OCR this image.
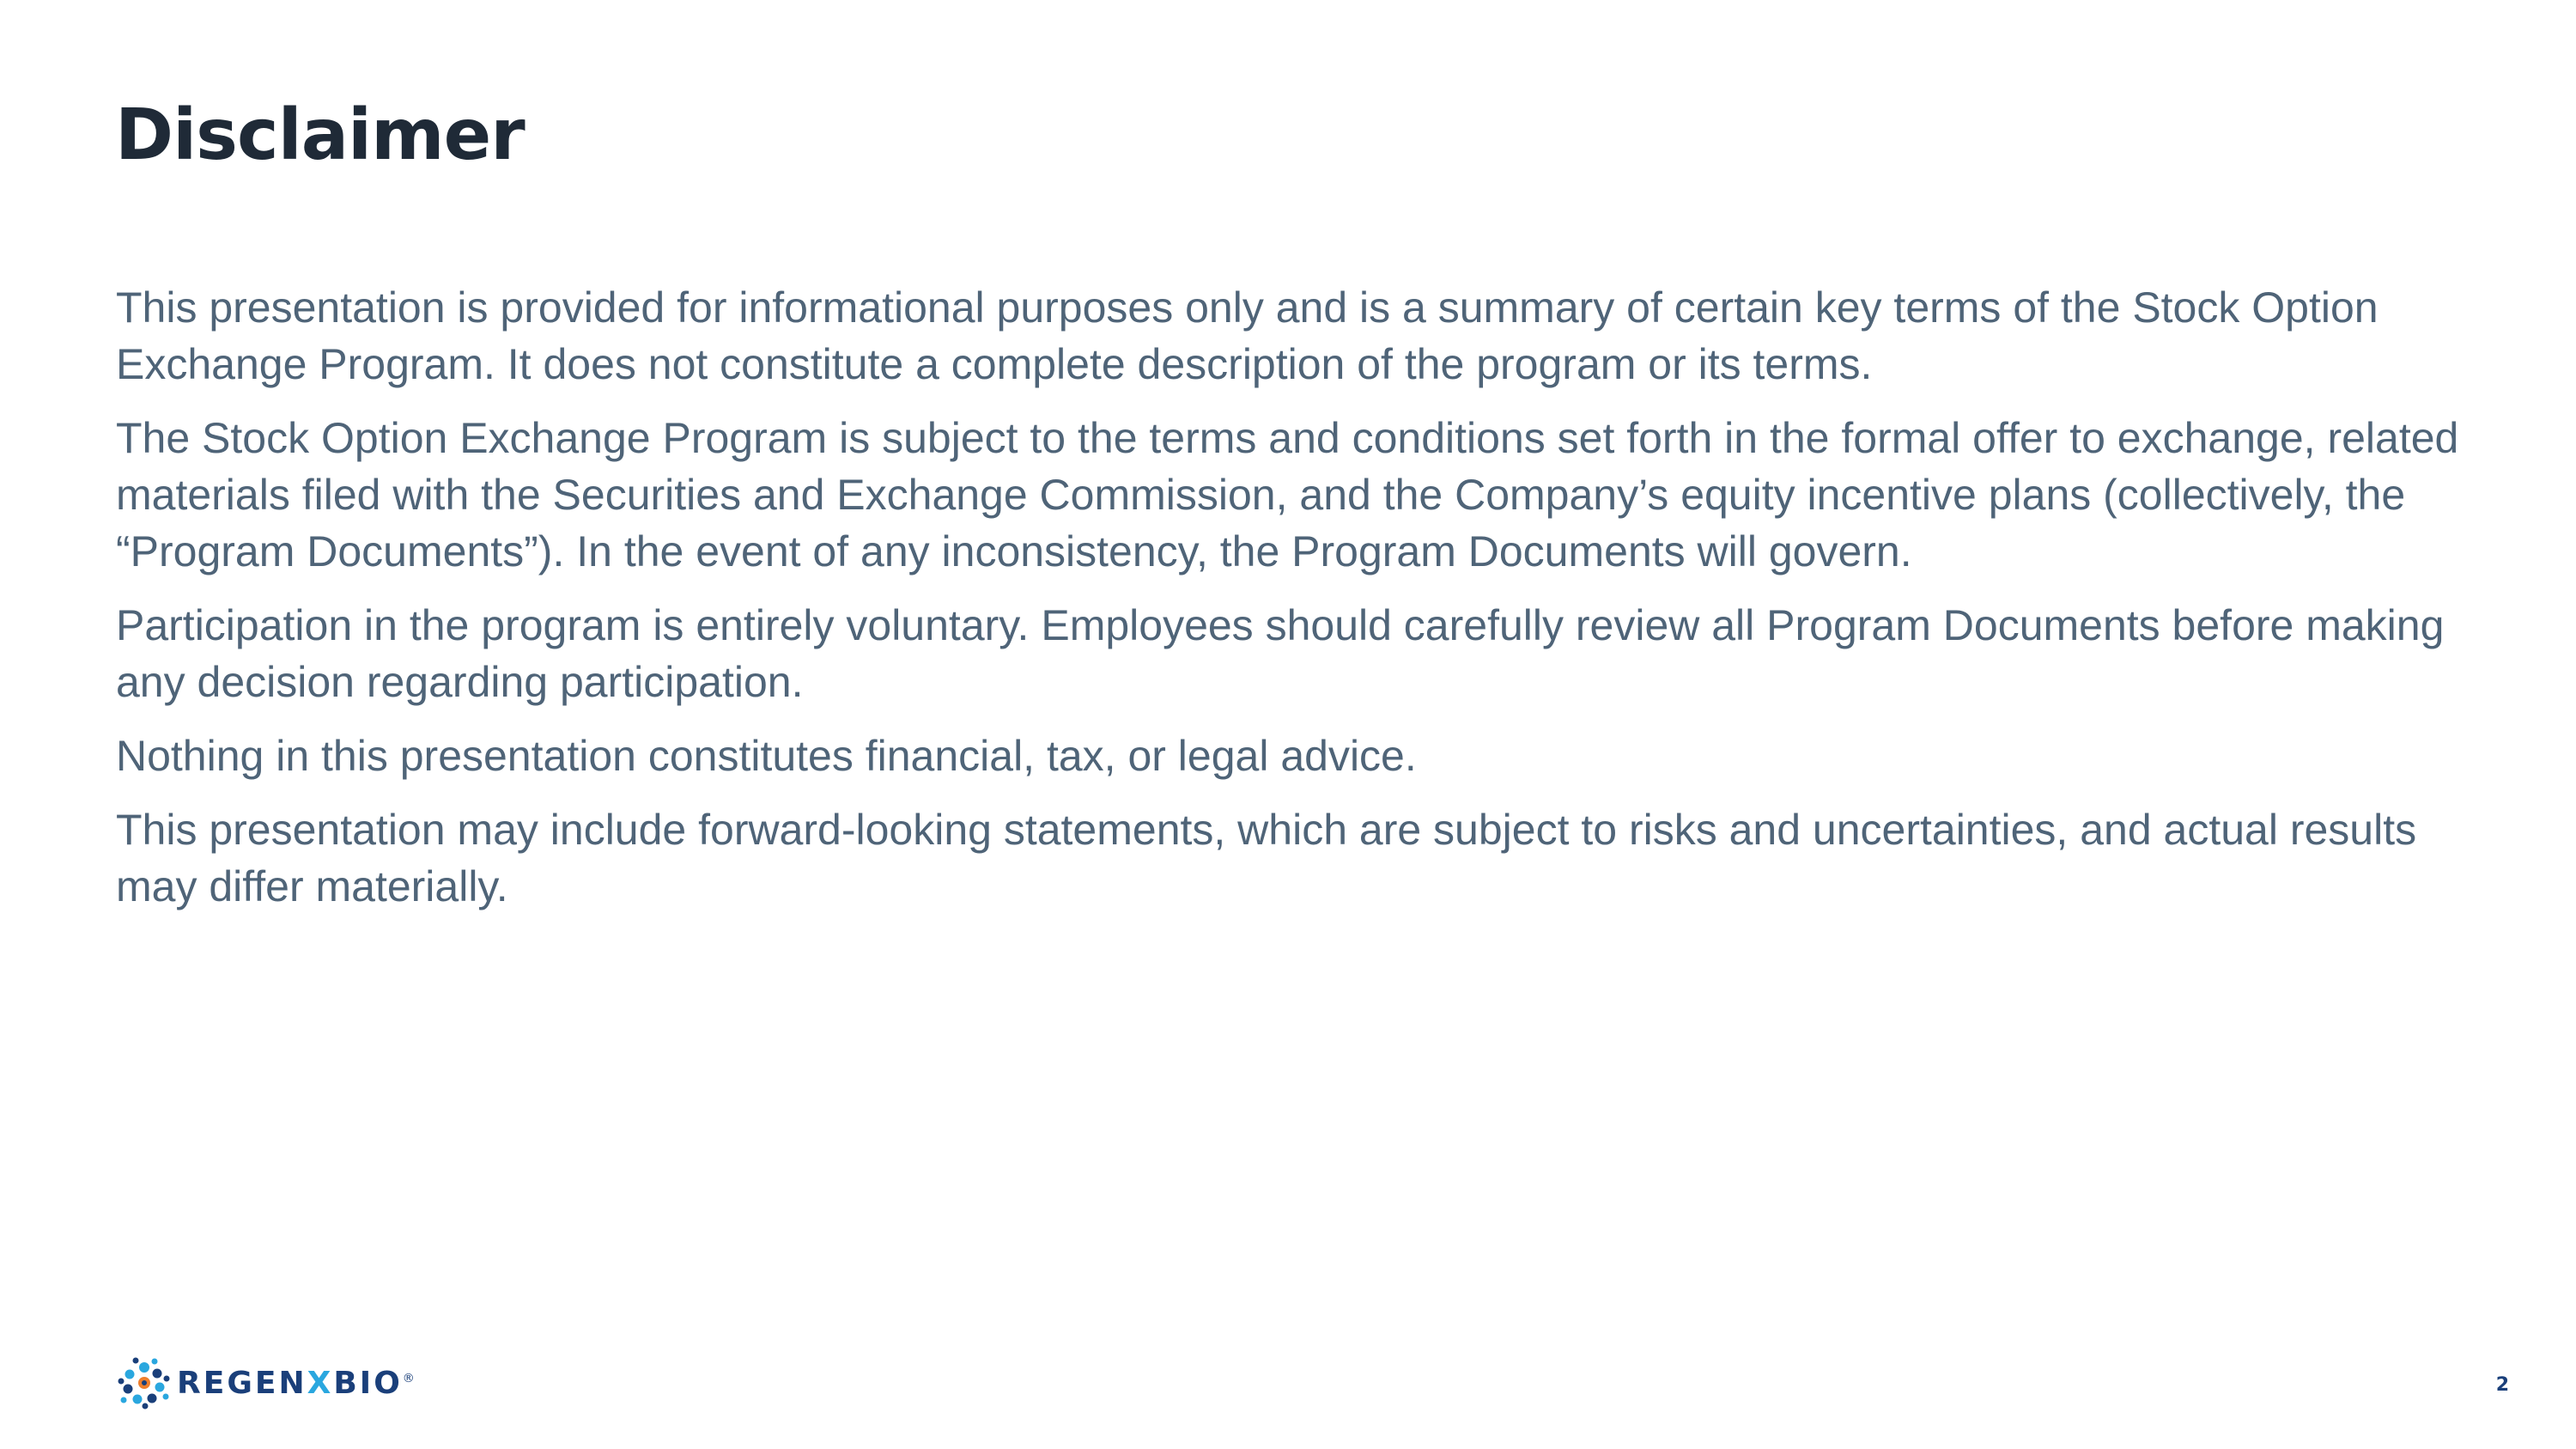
Disclaimer

This presentation is provided for informational purposes only and is a summary of certain key terms of the Stock Option Exchange Program. It does not constitute a complete description of the program or its terms.

The Stock Option Exchange Program is subject to the terms and conditions set forth in the formal offer to exchange, related materials filed with the Securities and Exchange Commission, and the Company’s equity incentive plans (collectively, the “Program Documents”). In the event of any inconsistency, the Program Documents will govern.

Participation in the program is entirely voluntary. Employees should carefully review all Program Documents before making any decision regarding participation.

Nothing in this presentation constitutes financial, tax, or legal advice.

This presentation may include forward-looking statements, which are subject to risks and uncertainties, and actual results may differ materially.

REGENXBIO®	2
